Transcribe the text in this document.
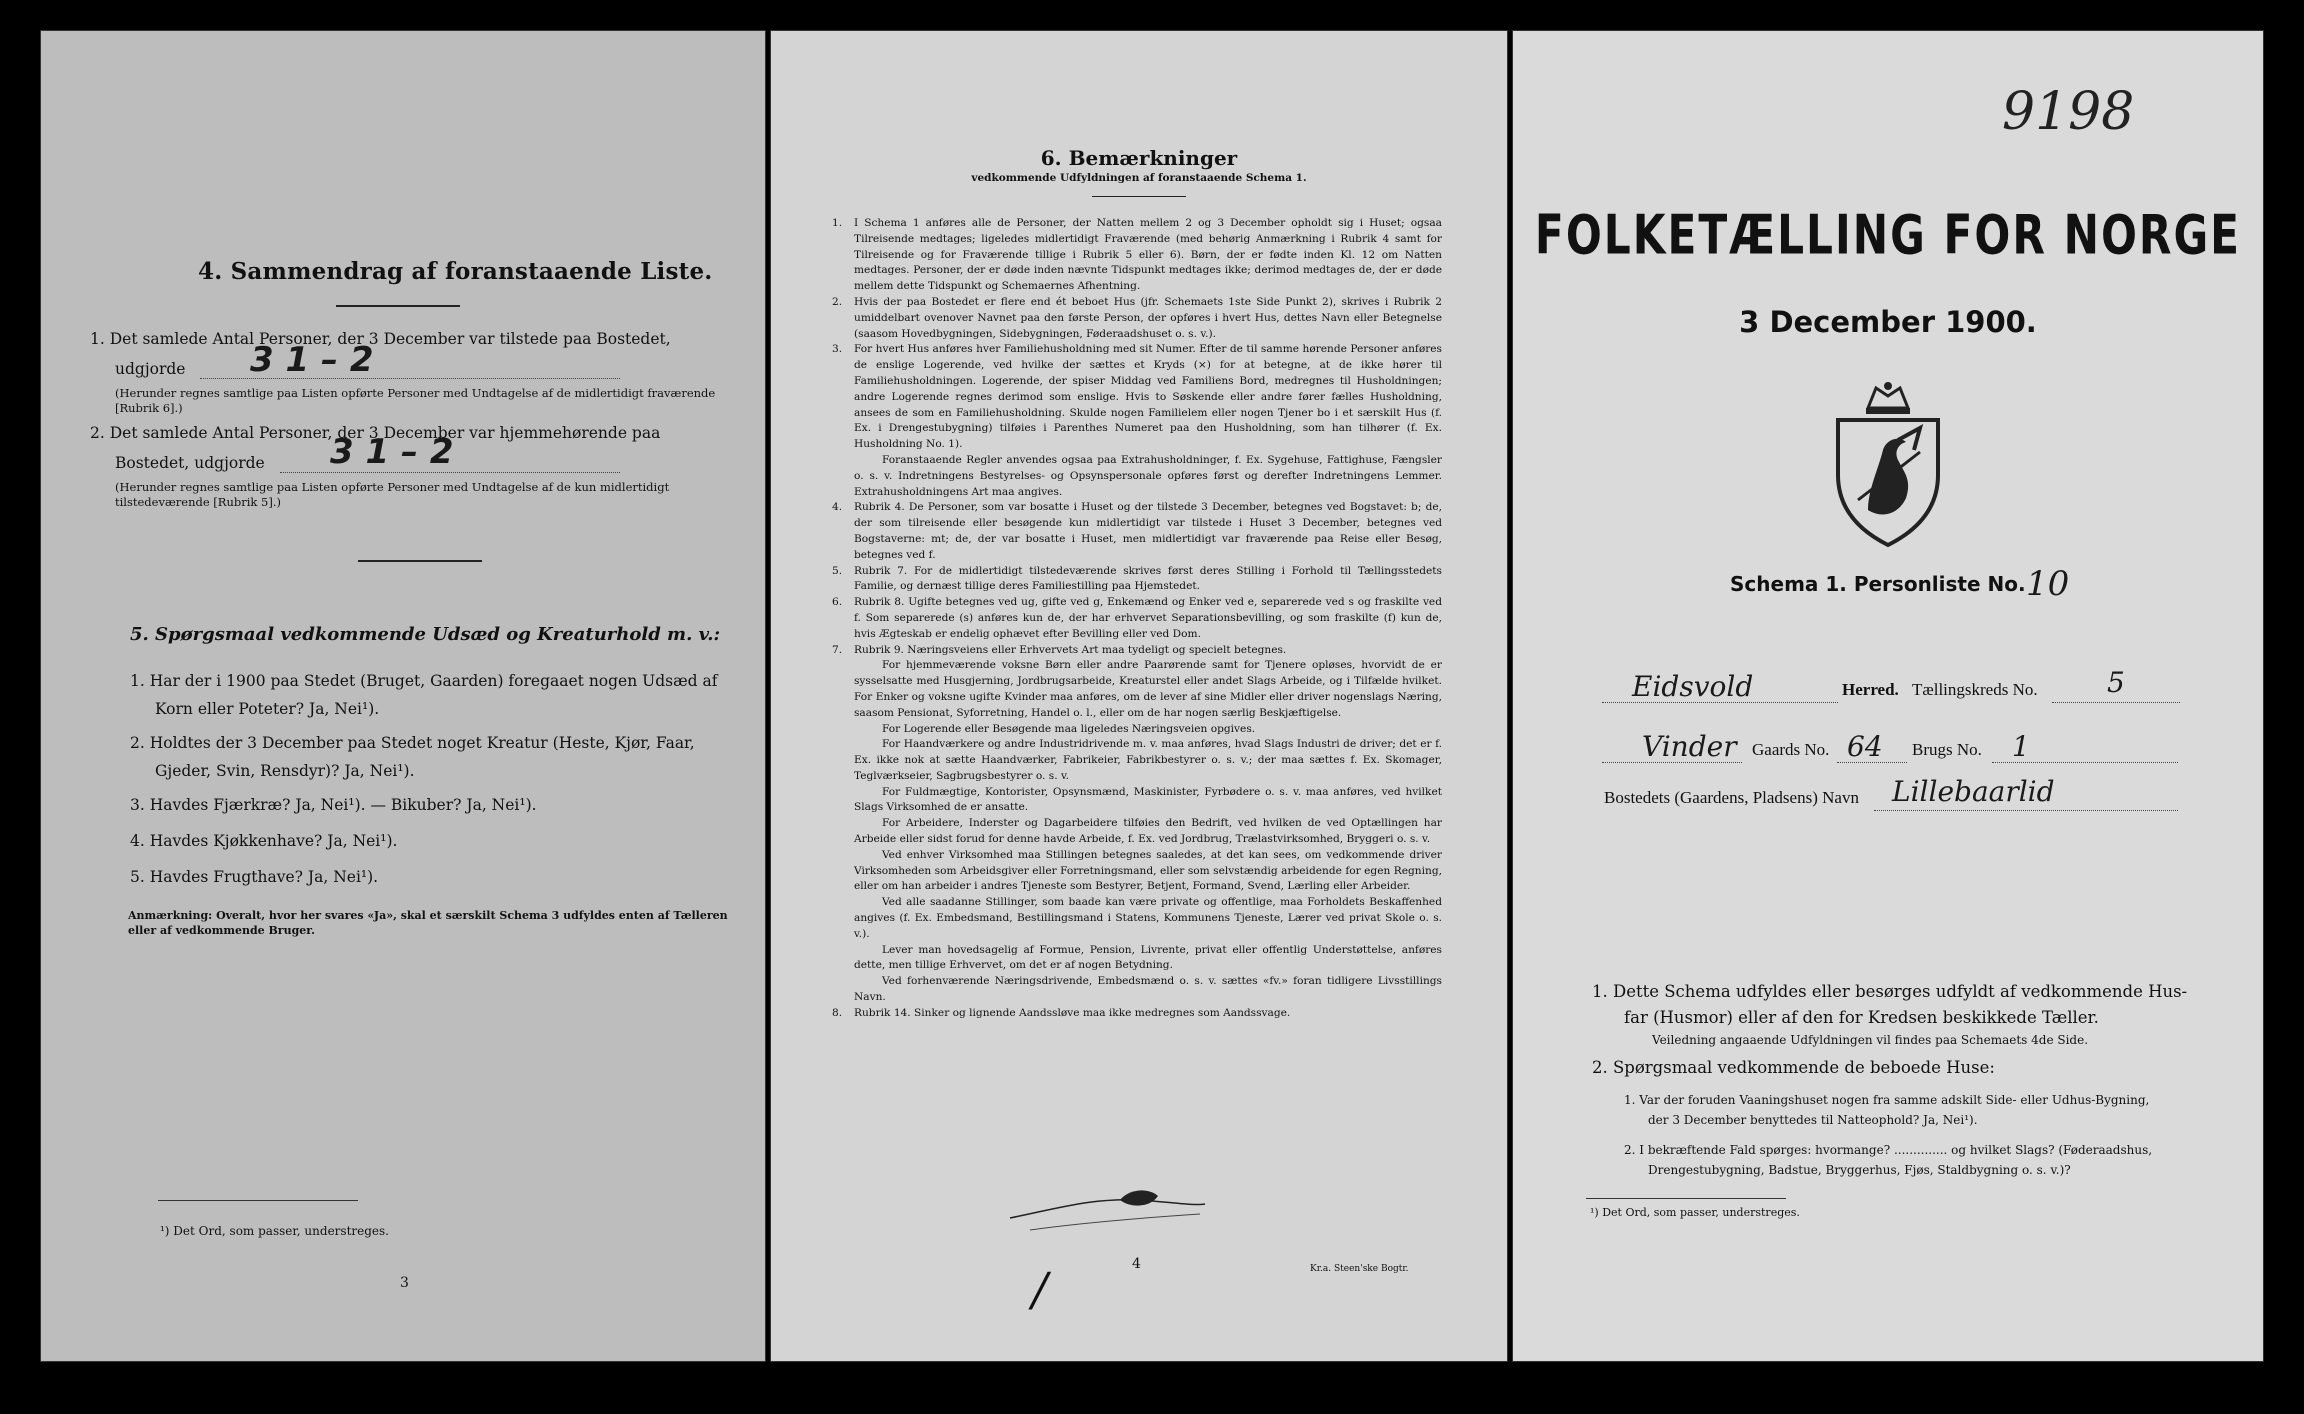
4. Sammendrag af foranstaaende Liste.
1. Det samlede Antal Personer, der 3 December var tilstede paa Bostedet,
udgjorde 3 1 – 2
(Herunder regnes samtlige paa Listen opførte Personer med Undtagelse af de midlertidigt fraværende [Rubrik 6].)
2. Det samlede Antal Personer, der 3 December var hjemmehørende paa
Bostedet, udgjorde 3 1 – 2
(Herunder regnes samtlige paa Listen opførte Personer med Undtagelse af de kun midlertidigt tilstedeværende [Rubrik 5].)
5. Spørgsmaal vedkommende Udsæd og Kreaturhold m. v.:
1. Har der i 1900 paa Stedet (Bruget, Gaarden) foregaaet nogen Udsæd af
Korn eller Poteter? Ja, Nei¹).
2. Holdtes der 3 December paa Stedet noget Kreatur (Heste, Kjør, Faar,
Gjeder, Svin, Rensdyr)? Ja, Nei¹).
3. Havdes Fjærkræ? Ja, Nei¹). — Bikuber? Ja, Nei¹).
4. Havdes Kjøkkenhave? Ja, Nei¹).
5. Havdes Frugthave? Ja, Nei¹).
Anmærkning: Overalt, hvor her svares «Ja», skal et særskilt Schema 3 udfyldes enten af Tælleren eller af vedkommende Bruger.
¹) Det Ord, som passer, understreges.
3
6. Bemærkninger
vedkommende Udfyldningen af foranstaaende Schema 1.

1. I Schema 1 anføres alle de Personer, der Natten mellem 2 og 3 December opholdt sig i Huset; ogsaa Tilreisende medtages; ligeledes midlertidigt Fraværende (med behørig Anmærkning i Rubrik 4 samt for Tilreisende og for Fraværende tillige i Rubrik 5 eller 6). Børn, der er fødte inden Kl. 12 om Natten medtages. Personer, der er døde inden nævnte Tidspunkt medtages ikke; derimod medtages de, der er døde mellem dette Tidspunkt og Schemaernes Afhentning.

2. Hvis der paa Bostedet er flere end ét beboet Hus (jfr. Schemaets 1ste Side Punkt 2), skrives i Rubrik 2 umiddelbart ovenover Navnet paa den første Person, der opføres i hvert Hus, dettes Navn eller Betegnelse (saasom Hovedbygningen, Sidebygningen, Føderaadshuset o. s. v.).

3. For hvert Hus anføres hver Familiehusholdning med sit Numer. Efter de til samme hørende Personer anføres de enslige Logerende, ved hvilke der sættes et Kryds (×) for at betegne, at de ikke hører til Familiehusholdningen. Logerende, der spiser Middag ved Familiens Bord, medregnes til Husholdningen; andre Logerende regnes derimod som enslige. Hvis to Søskende eller andre fører fælles Husholdning, ansees de som en Familiehusholdning. Skulde nogen Familielem eller nogen Tjener bo i et særskilt Hus (f. Ex. i Drengestubygning) tilføies i Parenthes Numeret paa den Husholdning, som han tilhører (f. Ex. Husholdning No. 1).

Foranstaaende Regler anvendes ogsaa paa Extrahusholdninger, f. Ex. Sygehuse, Fattighuse, Fængsler o. s. v. Indretningens Bestyrelses- og Opsynspersonale opføres først og derefter Indretningens Lemmer. Extrahusholdningens Art maa angives.

4. Rubrik 4. De Personer, som var bosatte i Huset og der tilstede 3 December, betegnes ved Bogstavet: b; de, der som tilreisende eller besøgende kun midlertidigt var tilstede i Huset 3 December, betegnes ved Bogstaverne: mt; de, der var bosatte i Huset, men midlertidigt var fraværende paa Reise eller Besøg, betegnes ved f.

5. Rubrik 7. For de midlertidigt tilstedeværende skrives først deres Stilling i Forhold til Tællingsstedets Familie, og dernæst tillige deres Familiestilling paa Hjemstedet.

6. Rubrik 8. Ugifte betegnes ved ug, gifte ved g, Enkemænd og Enker ved e, separerede ved s og fraskilte ved f. Som separerede (s) anføres kun de, der har erhvervet Separationsbevilling, og som fraskilte (f) kun de, hvis Ægteskab er endelig ophævet efter Bevilling eller ved Dom.

7. Rubrik 9. Næringsveiens eller Erhvervets Art maa tydeligt og specielt betegnes.

For hjemmeværende voksne Børn eller andre Paarørende samt for Tjenere opløses, hvorvidt de er sysselsatte med Husgjerning, Jordbrugsarbeide, Kreaturstel eller andet Slags Arbeide, og i Tilfælde hvilket. For Enker og voksne ugifte Kvinder maa anføres, om de lever af sine Midler eller driver nogenslags Næring, saasom Pensionat, Syforretning, Handel o. l., eller om de har nogen særlig Beskjæftigelse.

For Logerende eller Besøgende maa ligeledes Næringsveien opgives.

For Haandværkere og andre Industridrivende m. v. maa anføres, hvad Slags Industri de driver; det er f. Ex. ikke nok at sætte Haandværker, Fabrikeier, Fabrikbestyrer o. s. v.; der maa sættes f. Ex. Skomager, Teglværkseier, Sagbrugsbestyrer o. s. v.

For Fuldmægtige, Kontorister, Opsynsmænd, Maskinister, Fyrbødere o. s. v. maa anføres, ved hvilket Slags Virksomhed de er ansatte.

For Arbeidere, Inderster og Dagarbeidere tilføies den Bedrift, ved hvilken de ved Optællingen har Arbeide eller sidst forud for denne havde Arbeide, f. Ex. ved Jordbrug, Trælastvirksomhed, Bryggeri o. s. v.

Ved enhver Virksomhed maa Stillingen betegnes saaledes, at det kan sees, om vedkommende driver Virksomheden som Arbeidsgiver eller Forretningsmand, eller som selvstændig arbeidende for egen Regning, eller om han arbeider i andres Tjeneste som Bestyrer, Betjent, Formand, Svend, Lærling eller Arbeider.

Ved alle saadanne Stillinger, som baade kan være private og offentlige, maa Forholdets Beskaffenhed angives (f. Ex. Embedsmand, Bestillingsmand i Statens, Kommunens Tjeneste, Lærer ved privat Skole o. s. v.).

Lever man hovedsagelig af Formue, Pension, Livrente, privat eller offentlig Understøttelse, anføres dette, men tillige Erhvervet, om det er af nogen Betydning.

Ved forhenværende Næringsdrivende, Embedsmænd o. s. v. sættes «fv.» foran tidligere Livsstillings Navn.

8. Rubrik 14. Sinker og lignende Aandssløve maa ikke medregnes som Aandssvage.

4	Kr.a. Steen'ske Bogtr.
/
9198
FOLKETÆLLING FOR NORGE
3 December 1900.
Schema 1. Personliste No. 10
Eidsvold	Herred. Tællingskreds No. 5
Vinder Gaards No. 64 Brugs No. 1
Bostedets (Gaardens, Pladsens) Navn Lillebaarlid
1. Dette Schema udfyldes eller besørges udfyldt af vedkommende Hus-
far (Husmor) eller af den for Kredsen beskikkede Tæller.
Veiledning angaaende Udfyldningen vil findes paa Schemaets 4de Side.
2. Spørgsmaal vedkommende de beboede Huse:
1. Var der foruden Vaaningshuset nogen fra samme adskilt Side- eller Udhus-Bygning,
der 3 December benyttedes til Natteophold? Ja, Nei¹).
2. I bekræftende Fald spørges: hvormange? .............. og hvilket Slags? (Føderaadshus,
Drengestubygning, Badstue, Bryggerhus, Fjøs, Staldbygning o. s. v.)?
¹) Det Ord, som passer, understreges.
